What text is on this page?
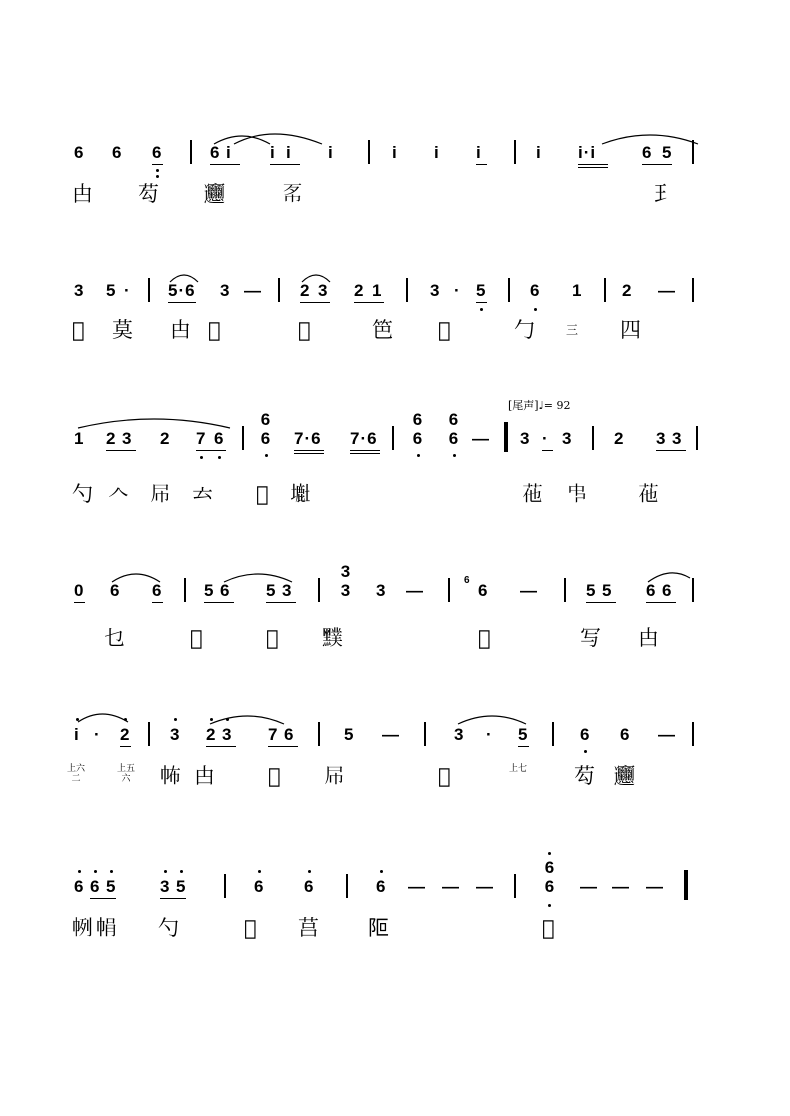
6 6 6	6 i i i i	i i i	i i·i	6 5
甴 芶 𰻝	𢁳	𤣩
3 5 · 5·6 3 — 2 3 2 1	3 · 5	6 1 2 —
𦰞 莫 甴 𡒁	𥨞	笆 𥦮	勹	三 四
[尾声]♩= 92
1 2 3 2 7 6
6
6 7·6 7·6
6
6
6
6 — 3 · 3 2 3 3
勺 𠆢 𡰯 𠫓 𦭞 𡒲	𦭟 𠁧 𦭟
0 6 6 5 6 5 3
3
3 3 —
6
6 —	5 5 6 6
乜	𦭠	𡒁 𪒢	𣄂	写 甴
i · 2 3 2 3 7 6	5 —	3 · 5	6 6 —
上六二
上五六 𢁻 甴	𢃃 𡰯	𦰞	上七 芶 𰻝
6 6 5	3 5	6 6	6 — — —
6
6 — — —
𢂥 𢂱 勺	𦭞 莒 𨸭	𦭝
